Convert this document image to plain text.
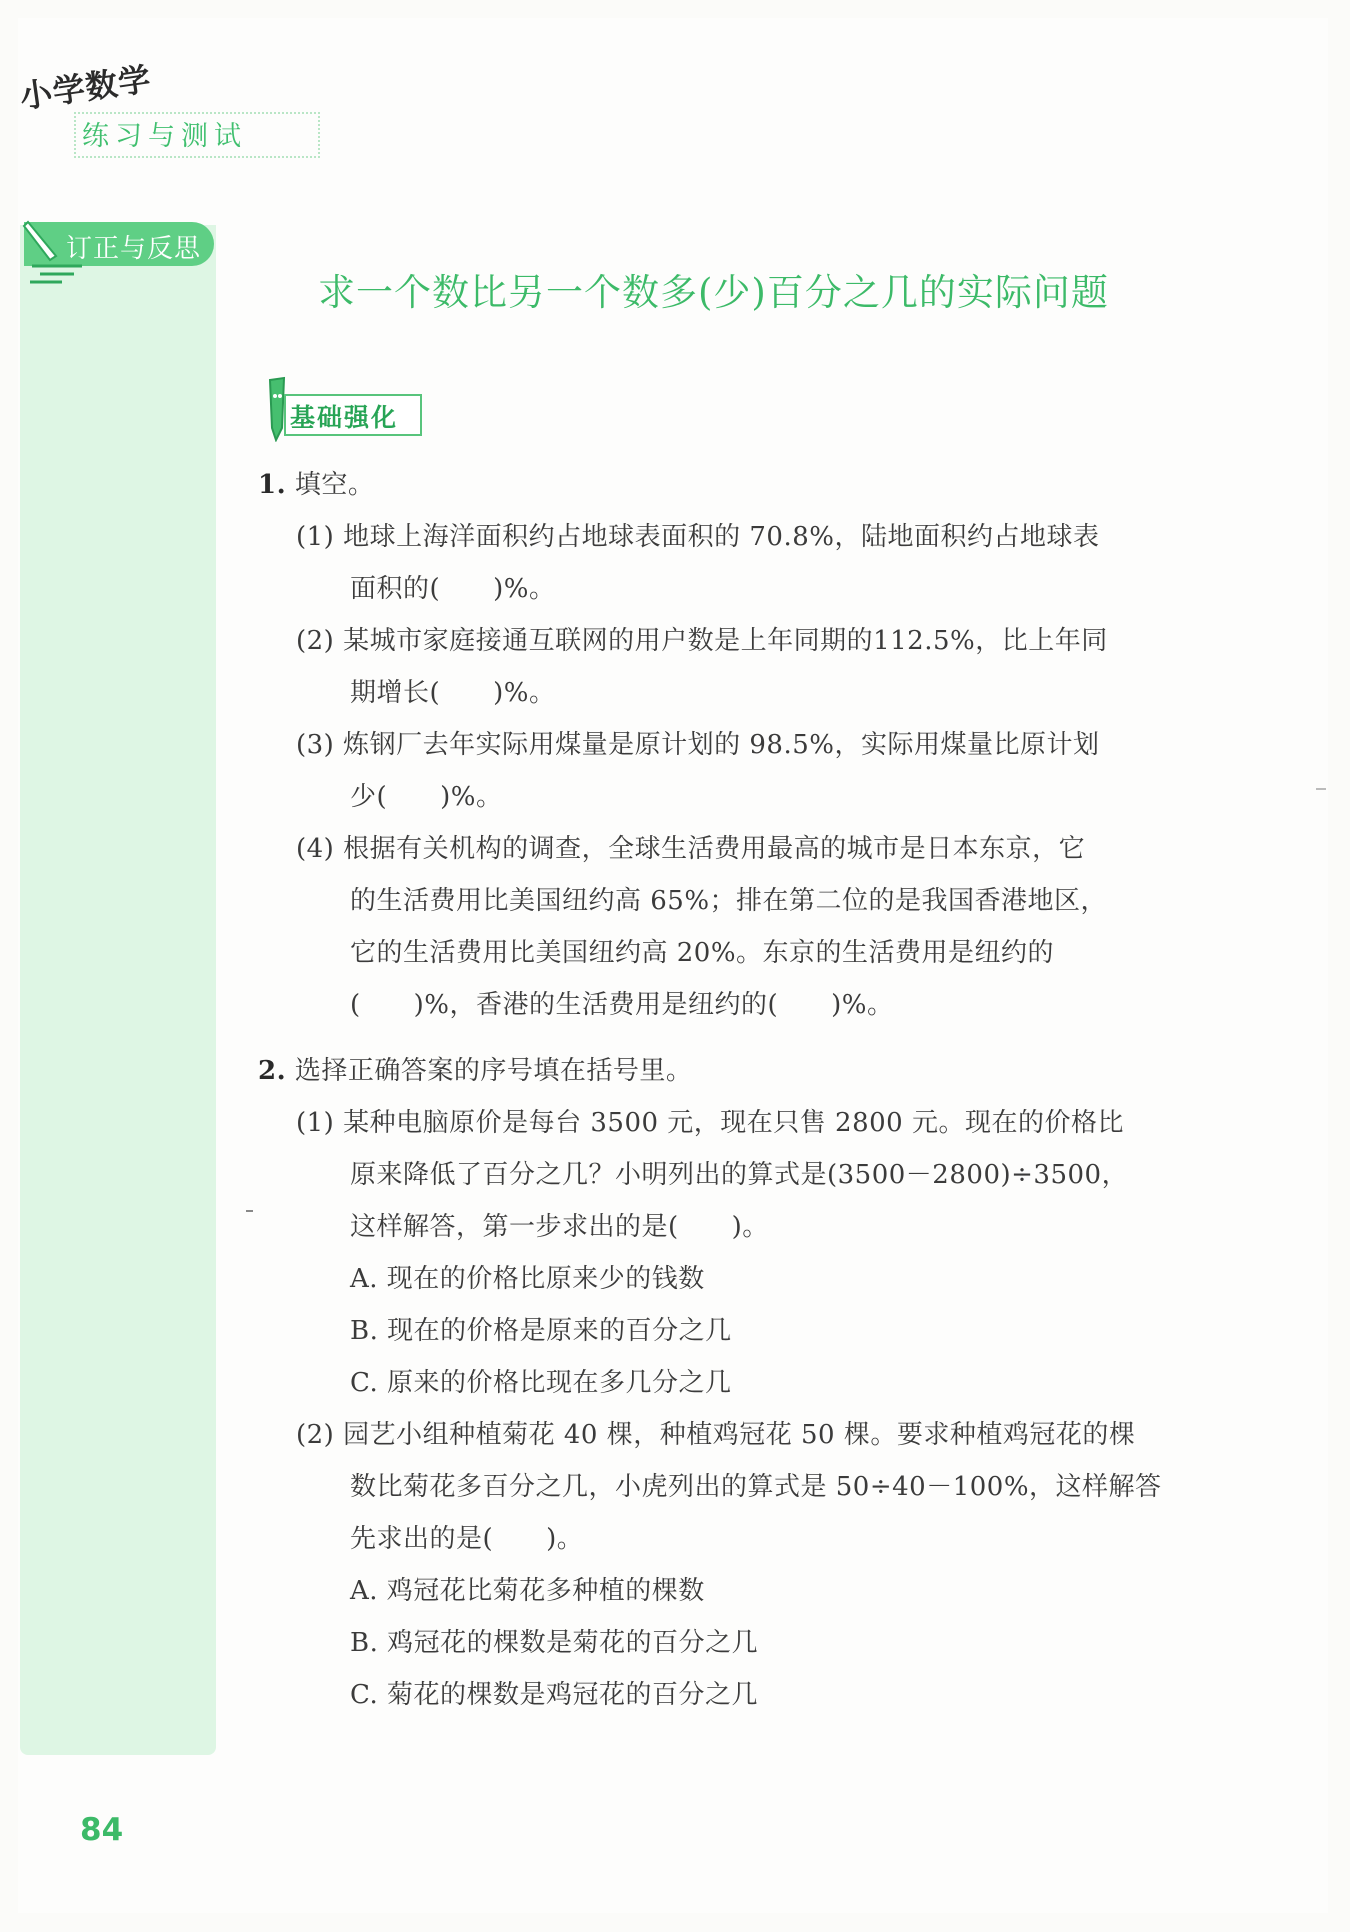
小学数学
练习与测试
订正与反思
求一个数比另一个数多(少)百分之几的实际问题
基础强化
1. 填空。
(1) 地球上海洋面积约占地球表面积的 70.8%，陆地面积约占地球表
面积的(　　)%。
(2) 某城市家庭接通互联网的用户数是上年同期的112.5%，比上年同
期增长(　　)%。
(3) 炼钢厂去年实际用煤量是原计划的 98.5%，实际用煤量比原计划
少(　　)%。
(4) 根据有关机构的调查，全球生活费用最高的城市是日本东京，它
的生活费用比美国纽约高 65%；排在第二位的是我国香港地区，
它的生活费用比美国纽约高 20%。东京的生活费用是纽约的
(　　)%，香港的生活费用是纽约的(　　)%。
2. 选择正确答案的序号填在括号里。
(1) 某种电脑原价是每台 3500 元，现在只售 2800 元。现在的价格比
原来降低了百分之几？小明列出的算式是(3500－2800)÷3500，
这样解答，第一步求出的是(　　)。
A. 现在的价格比原来少的钱数
B. 现在的价格是原来的百分之几
C. 原来的价格比现在多几分之几
(2) 园艺小组种植菊花 40 棵，种植鸡冠花 50 棵。要求种植鸡冠花的棵
数比菊花多百分之几，小虎列出的算式是 50÷40－100%，这样解答
先求出的是(　　)。
A. 鸡冠花比菊花多种植的棵数
B. 鸡冠花的棵数是菊花的百分之几
C. 菊花的棵数是鸡冠花的百分之几
84
